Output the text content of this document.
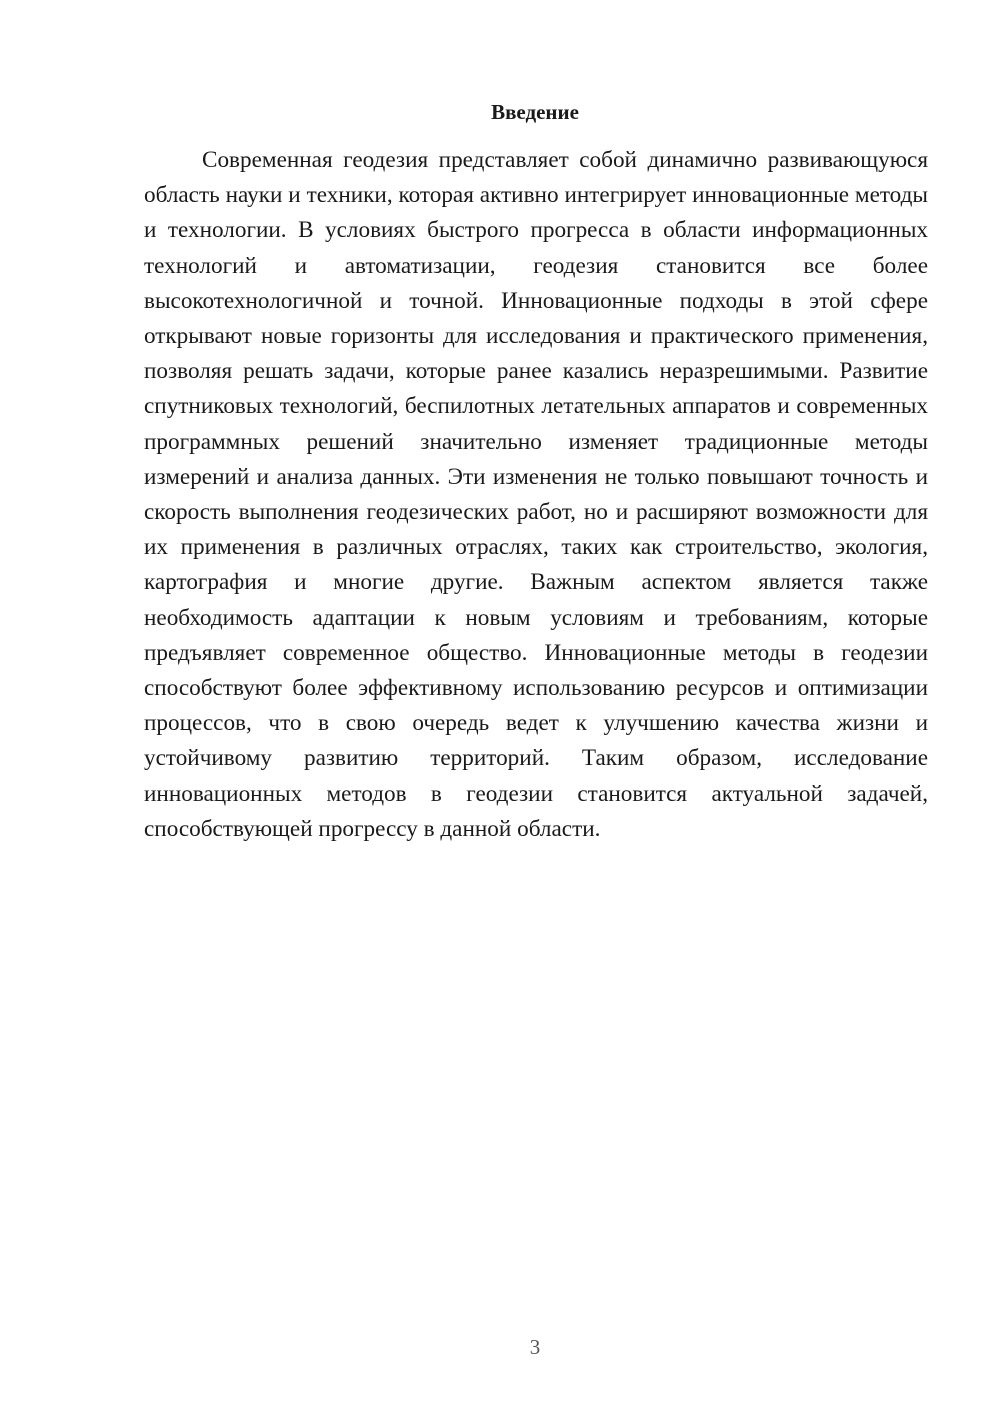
Введение

Современная геодезия представляет собой динамично развивающуюся область науки и техники, которая активно интегрирует инновационные методы и технологии. В условиях быстрого прогресса в области информационных технологий и автоматизации, геодезия становится все более высокотехнологичной и точной. Инновационные подходы в этой сфере открывают новые горизонты для исследования и практического применения, позволяя решать задачи, которые ранее казались неразрешимыми. Развитие спутниковых технологий, беспилотных летательных аппаратов и современных программных решений значительно изменяет традиционные методы измерений и анализа данных. Эти изменения не только повышают точность и скорость выполнения геодезических работ, но и расширяют возможности для их применения в различных отраслях, таких как строительство, экология, картография и многие другие. Важным аспектом является также необходимость адаптации к новым условиям и требованиям, которые предъявляет современное общество. Инновационные методы в геодезии способствуют более эффективному использованию ресурсов и оптимизации процессов, что в свою очередь ведет к улучшению качества жизни и устойчивому развитию территорий. Таким образом, исследование инновационных методов в геодезии становится актуальной задачей, способствующей прогрессу в данной области.

3
